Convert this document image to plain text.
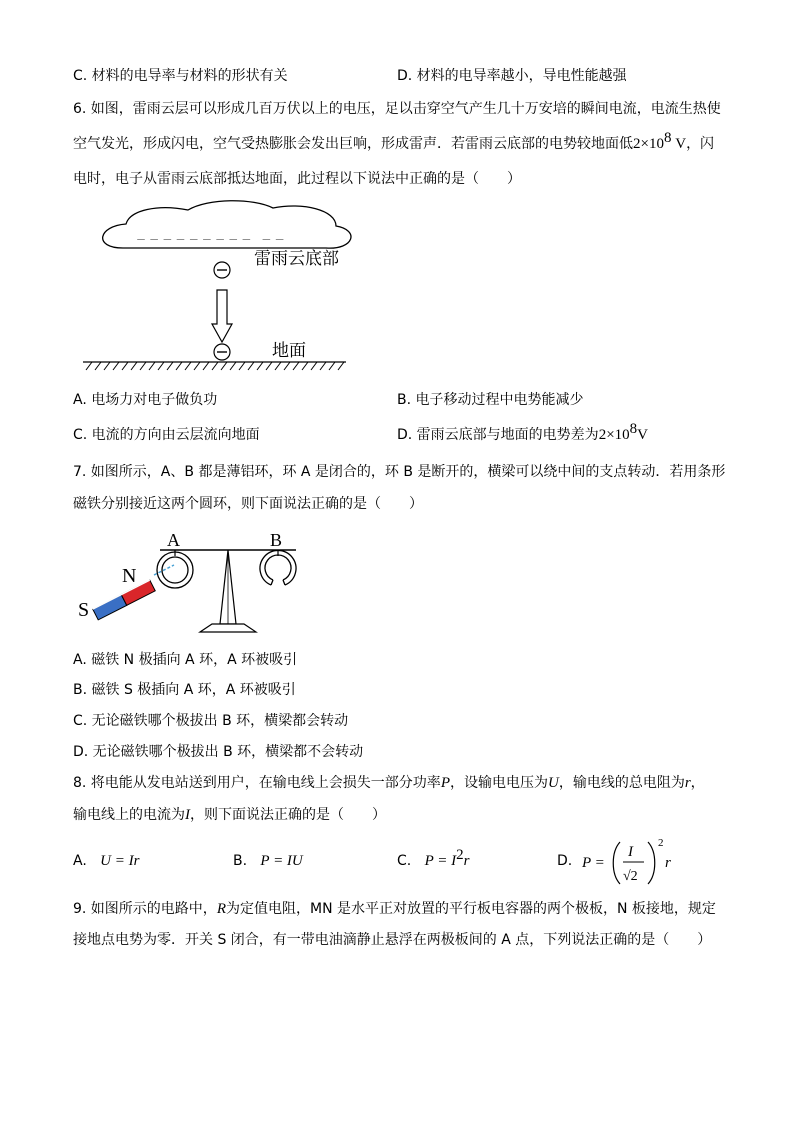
C. 材料的电导率与材料的形状有关	D. 材料的电导率越小，导电性能越强
6. 如图，雷雨云层可以形成几百万伏以上的电压，足以击穿空气产生几十万安培的瞬间电流，电流生热使
空气发光，形成闪电，空气受热膨胀会发出巨响，形成雷声．若雷雨云底部的电势较地面低$2\times 10^8$ V，闪
电时，电子从雷雨云底部抵达地面，此过程以下说法中正确的是（　　）
－ － － － － － － － －　－ －
雷雨云底部
地面
A. 电场力对电子做负功	B. 电子移动过程中电势能减少
C. 电流的方向由云层流向地面	D. 雷雨云底部与地面的电势差为$2\times 10^8V$
7. 如图所示，A、B 都是薄铝环，环 A 是闭合的，环 B 是断开的，横梁可以绕中间的支点转动．若用条形
磁铁分别接近这两个圆环，则下面说法正确的是（　　）
A	B
N
S
A. 磁铁 N 极插向 A 环，A 环被吸引
B. 磁铁 S 极插向 A 环，A 环被吸引
C. 无论磁铁哪个极拔出 B 环，横梁都会转动
D. 无论磁铁哪个极拔出 B 环，横梁都不会转动
8. 将电能从发电站送到用户，在输电线上会损失一部分功率P，设输电电压为U，输电线的总电阻为r，
输电线上的电流为I，则下面说法正确的是（　　）
A. U = Ir	B. P = IU	C. $P = I^2r$	D. P =
I
√2
2
r
9. 如图所示的电路中，R为定值电阻，MN 是水平正对放置的平行板电容器的两个极板，N 板接地，规定
接地点电势为零．开关 S 闭合，有一带电油滴静止悬浮在两极板间的 A 点，下列说法正确的是（　　）
